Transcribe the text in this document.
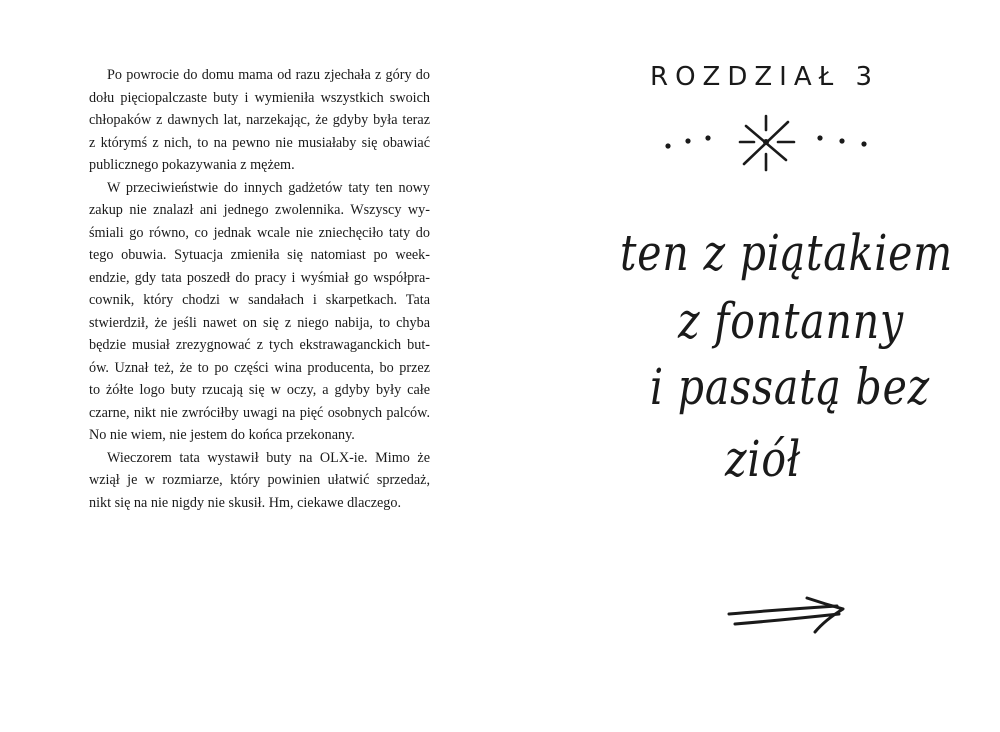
Po powrocie do domu mama od razu zjechała z góry do
dołu pięciopalczaste buty i wymieniła wszystkich swoich
chłopaków z dawnych lat, narzekając, że gdyby była teraz
z którymś z nich, to na pewno nie musiałaby się obawiać
publicznego pokazywania z mężem.
W przeciwieństwie do innych gadżetów taty ten nowy
zakup nie znalazł ani jednego zwolennika. Wszyscy wy-
śmiali go równo, co jednak wcale nie zniechęciło taty do
tego obuwia. Sytuacja zmieniła się natomiast po week-
endzie, gdy tata poszedł do pracy i wyśmiał go współpra-
cownik, który chodzi w sandałach i skarpetkach. Tata
stwierdził, że jeśli nawet on się z niego nabija, to chyba
będzie musiał zrezygnować z tych ekstrawaganckich but-
ów. Uznał też, że to po części wina producenta, bo przez
to żółte logo buty rzucają się w oczy, a gdyby były całe
czarne, nikt nie zwróciłby uwagi na pięć osobnych palców.
No nie wiem, nie jestem do końca przekonany.
Wieczorem tata wystawił buty na OLX-ie. Mimo że
wziął je w rozmiarze, który powinien ułatwić sprzedaż,
nikt się na nie nigdy nie skusił. Hm, ciekawe dlaczego.
ROZDZIAŁ 3
ten z piątakiem
z fontanny
i passatą bez
ziół
